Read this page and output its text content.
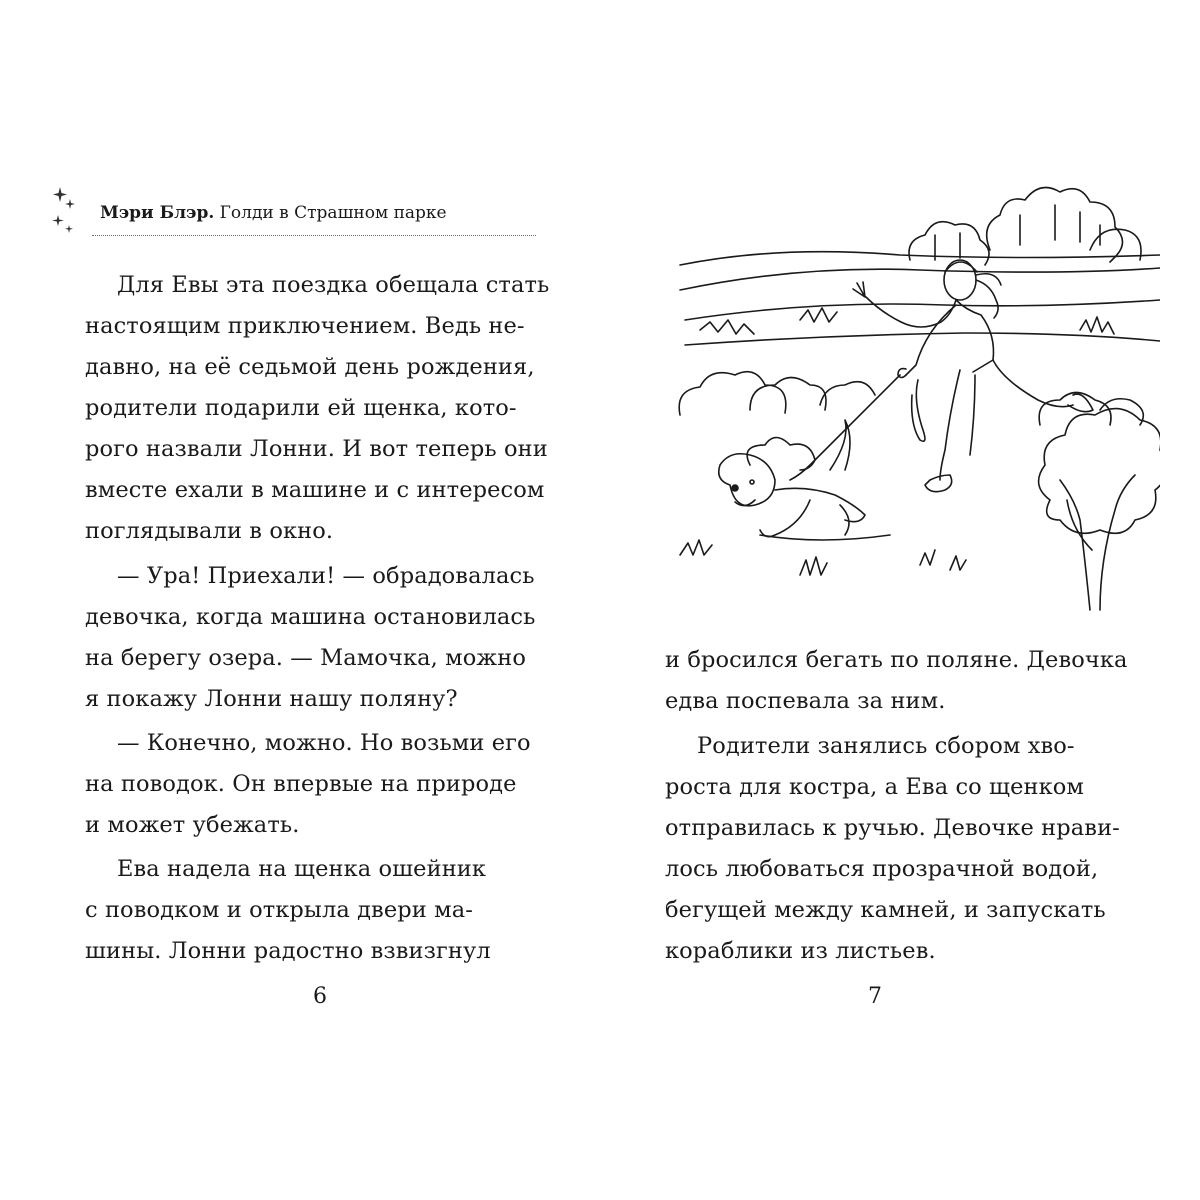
Мэри Блэр. Голди в Страшном парке
Для Евы эта поездка обещала стать
настоящим приключением. Ведь не-
давно, на её седьмой день рождения,
родители подарили ей щенка, кото-
рого назвали Лонни. И вот теперь они
вместе ехали в машине и с интересом
поглядывали в окно.
— Ура! Приехали! — обрадовалась
девочка, когда машина остановилась
на берегу озера. — Мамочка, можно
я покажу Лонни нашу поляну?
— Конечно, можно. Но возьми его
на поводок. Он впервые на природе
и может убежать.
Ева надела на щенка ошейник
с поводком и открыла двери ма-
шины. Лонни радостно взвизгнул
6
и бросился бегать по поляне. Девочка
едва поспевала за ним.
Родители занялись сбором хво-
роста для костра, а Ева со щенком
отправилась к ручью. Девочке нрави-
лось любоваться прозрачной водой,
бегущей между камней, и запускать
кораблики из листьев.
7
